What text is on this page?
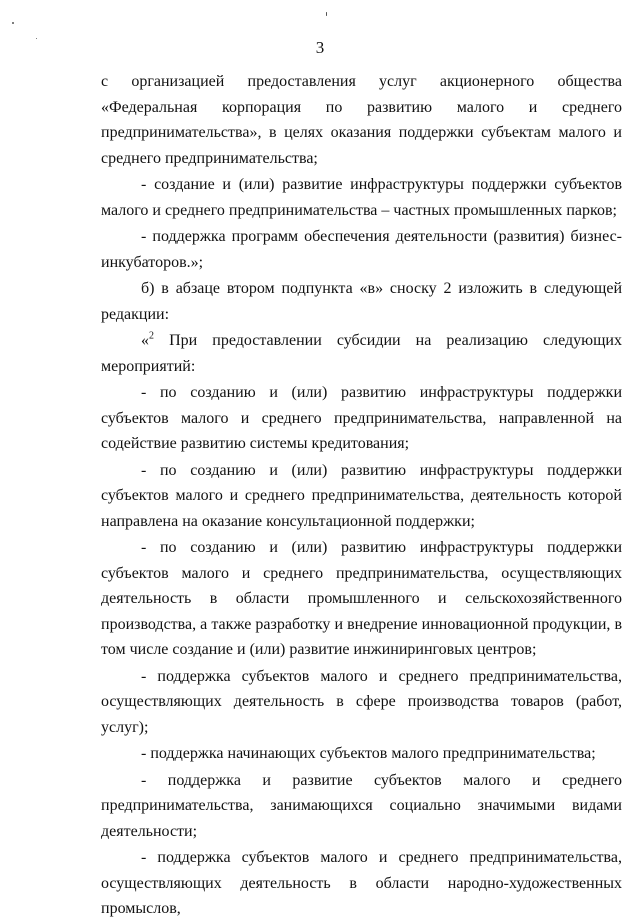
3

с организацией предоставления услуг акционерного общества «Федеральная корпорация по развитию малого и среднего предпринимательства», в целях оказания поддержки субъектам малого и среднего предпринимательства;

- создание и (или) развитие инфраструктуры поддержки субъектов малого и среднего предпринимательства – частных промышленных парков;

- поддержка программ обеспечения деятельности (развития) бизнес-инкубаторов.»;

б) в абзаце втором подпункта «в» сноску 2 изложить в следующей редакции:

«$^2$ При предоставлении субсидии на реализацию следующих мероприятий:

- по созданию и (или) развитию инфраструктуры поддержки субъектов малого и среднего предпринимательства, направленной на содействие развитию системы кредитования;

- по созданию и (или) развитию инфраструктуры поддержки субъектов малого и среднего предпринимательства, деятельность которой направлена на оказание консультационной поддержки;

- по созданию и (или) развитию инфраструктуры поддержки субъектов малого и среднего предпринимательства, осуществляющих деятельность в области промышленного и сельскохозяйственного производства, а также разработку и внедрение инновационной продукции, в том числе создание и (или) развитие инжиниринговых центров;

- поддержка субъектов малого и среднего предпринимательства, осуществляющих деятельность в сфере производства товаров (работ, услуг);

- поддержка начинающих субъектов малого предпринимательства;

- поддержка и развитие субъектов малого и среднего предпринимательства, занимающихся социально значимыми видами деятельности;

- поддержка субъектов малого и среднего предпринимательства, осуществляющих деятельность в области народно-художественных промыслов,
